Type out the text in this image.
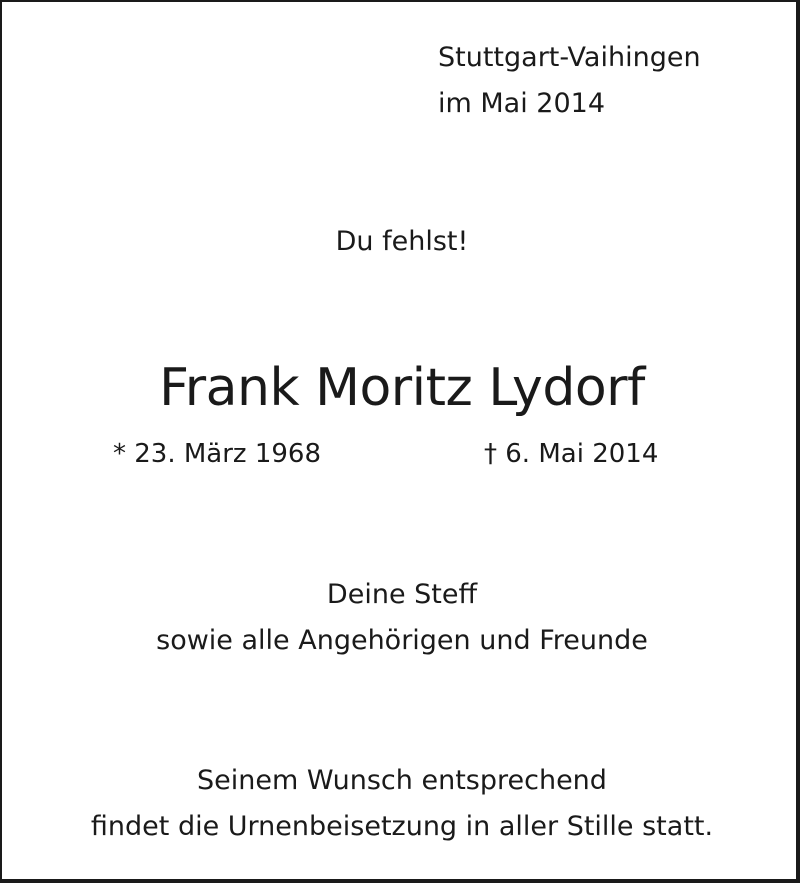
Stuttgart-Vaihingen
im Mai 2014
Du fehlst!
Frank Moritz Lydorf
* 23. März 1968	† 6. Mai 2014
Deine Steff
sowie alle Angehörigen und Freunde
Seinem Wunsch entsprechend
findet die Urnenbeisetzung in aller Stille statt.
